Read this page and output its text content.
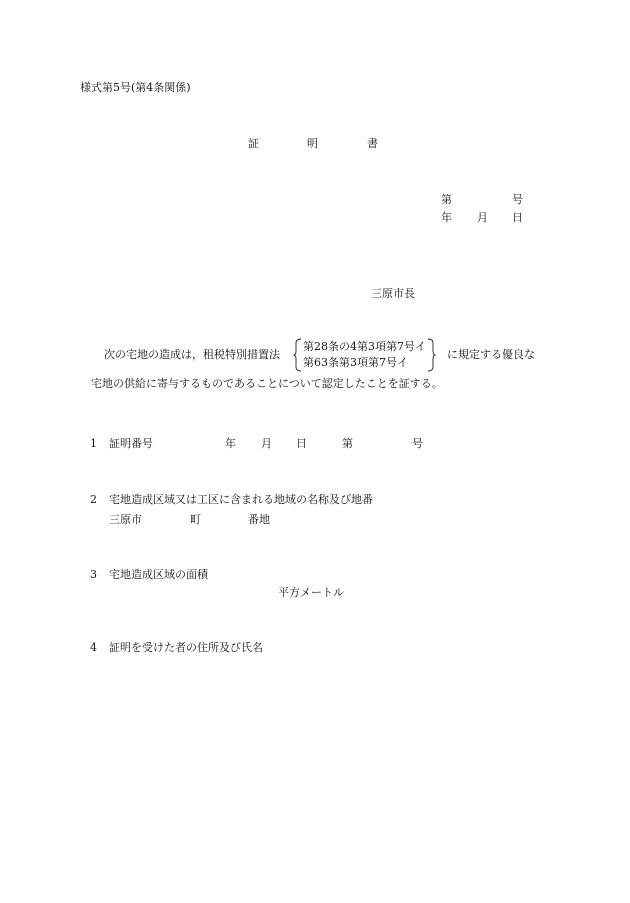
様式第5号(第4条関係)
証	明	書
第	号
年 月 日
三原市長
次の宅地の造成は，租税特別措置法
第28条の4第3項第7号イ
第63条第3項第7号イ
に規定する優良な
宅地の供給に寄与するものであることについて認定したことを証する。
1 証明番号	年 月 日	第	号
2 宅地造成区域又は工区に含まれる地域の名称及び地番
三原市	町	番地
3 宅地造成区域の面積
平方メートル
4 証明を受けた者の住所及び氏名
